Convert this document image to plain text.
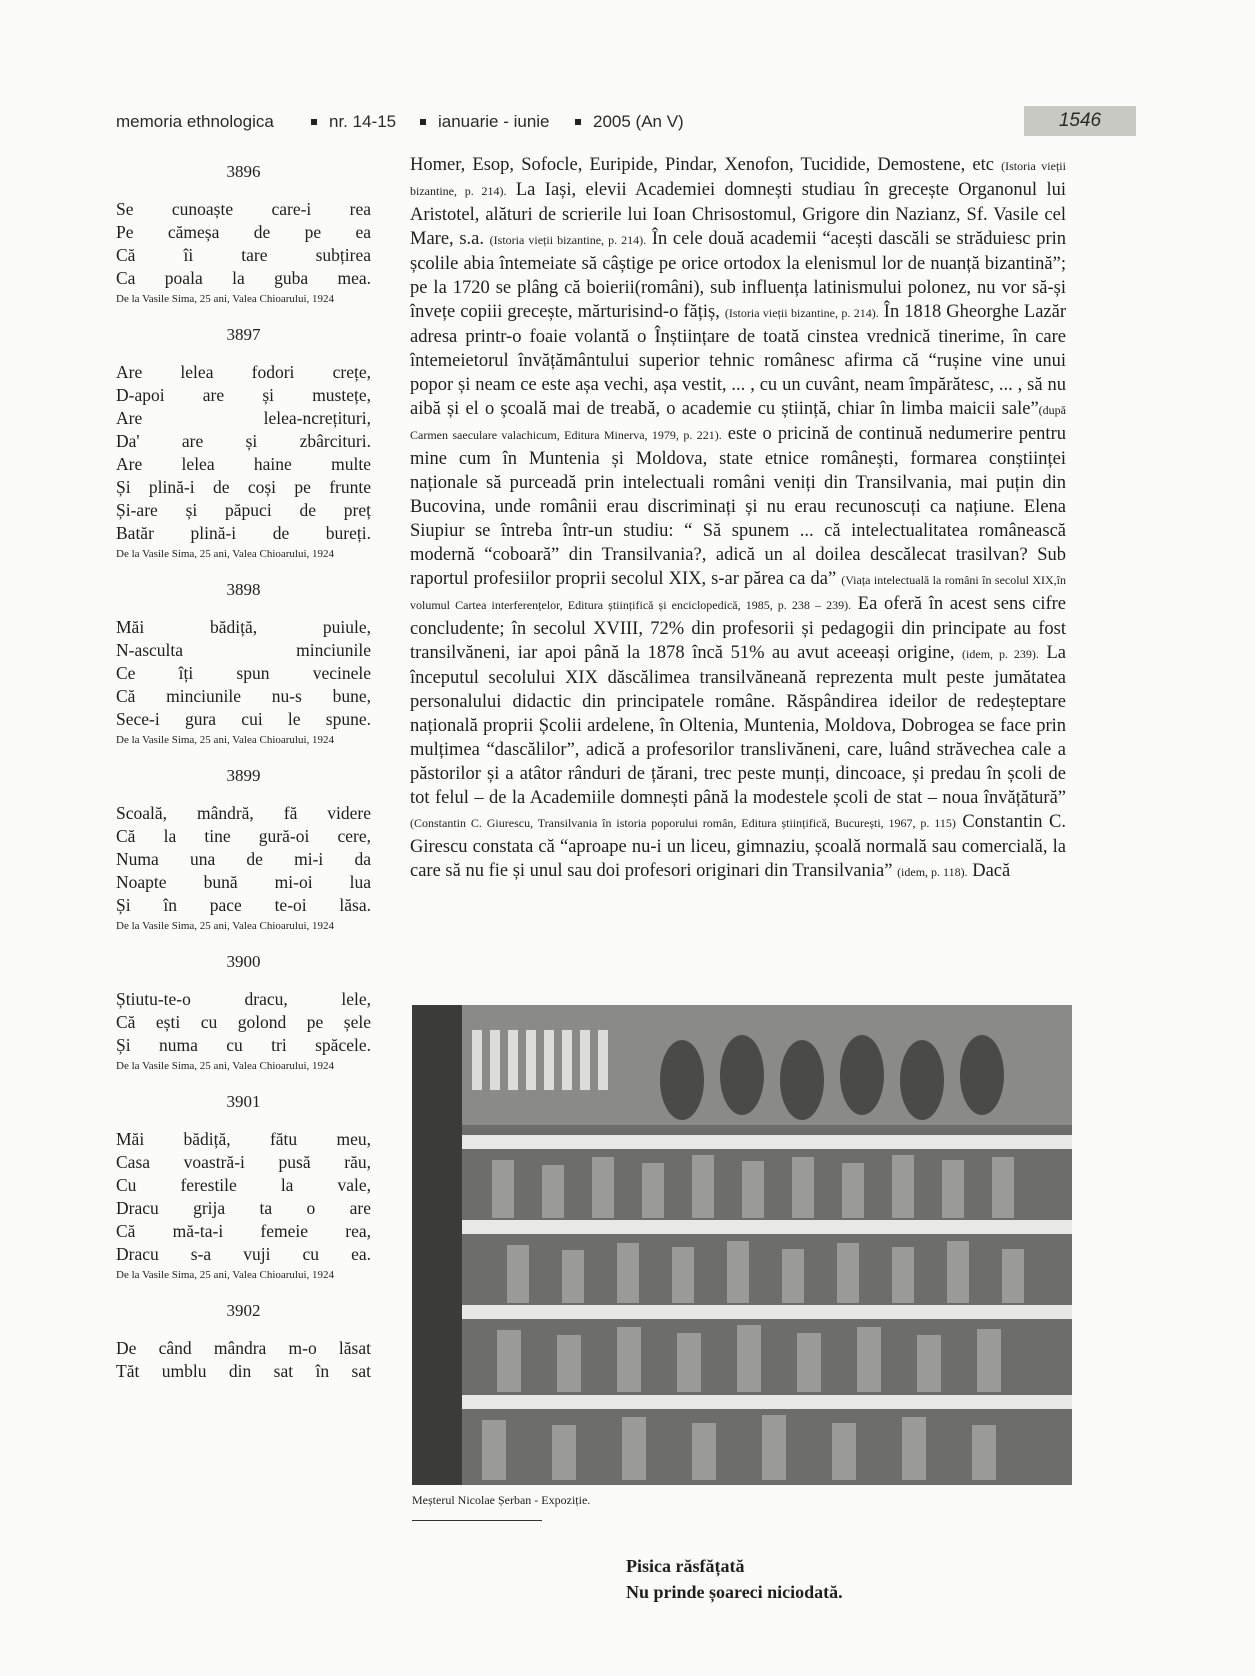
memoria ethnologica	nr. 14-15 ianuarie - iunie	2005 (An V)	1546
3896
Se cunoaște care-i rea
Pe cămeșa de pe ea
Că îi tare subțirea
Ca poala la guba mea.
De la Vasile Sima, 25 ani, Valea Chioarului, 1924
3897
Are lelea fodori crețe,
D-apoi are și mustețe,
Are lelea-ncrețituri,
Da' are și zbârcituri.
Are lelea haine multe
Și plină-i de coși pe frunte
Și-are și păpuci de preț
Batăr plină-i de bureți.
De la Vasile Sima, 25 ani, Valea Chioarului, 1924
3898
Măi bădiță, puiule,
N-asculta minciunile
Ce îți spun vecinele
Că minciunile nu-s bune,
Sece-i gura cui le spune.
De la Vasile Sima, 25 ani, Valea Chioarului, 1924
3899
Scoală, mândră, fă videre
Că la tine gură-oi cere,
Numa una de mi-i da
Noapte bună mi-oi lua
Și în pace te-oi lăsa.
De la Vasile Sima, 25 ani, Valea Chioarului, 1924
3900
Știutu-te-o dracu, lele,
Că ești cu golond pe șele
Și numa cu tri spăcele.
De la Vasile Sima, 25 ani, Valea Chioarului, 1924
3901
Măi bădiță, fătu meu,
Casa voastră-i pusă rău,
Cu ferestile la vale,
Dracu grija ta o are
Că mă-ta-i femeie rea,
Dracu s-a vuji cu ea.
De la Vasile Sima, 25 ani, Valea Chioarului, 1924
3902
De când mândra m-o lăsat
Tăt umblu din sat în sat

Homer, Esop, Sofocle, Euripide, Pindar, Xenofon, Tucidide, Demostene, etc (Istoria vieții bizantine, p. 214). La Iași, elevii Academiei domnești studiau în grecește Organonul lui Aristotel, alături de scrierile lui Ioan Chrisostomul, Grigore din Nazianz, Sf. Vasile cel Mare, s.a. (Istoria vieții bizantine, p. 214). În cele două academii “acești dascăli se străduiesc prin școlile abia întemeiate să câștige pe orice ortodox la elenismul lor de nuanță bizantină”; pe la 1720 se plâng că boierii(români), sub influența latinismului polonez, nu vor să-și învețe copiii grecește, mărturisind-o fățiș, (Istoria vieții bizantine, p. 214). În 1818 Gheorghe Lazăr adresa printr-o foaie volantă o Înștiințare de toată cinstea vrednică tinerime, în care întemeietorul învățământului superior tehnic românesc afirma că “rușine vine unui popor și neam ce este așa vechi, așa vestit, ... , cu un cuvânt, neam împărătesc, ... , să nu aibă și el o școală mai de treabă, o academie cu știință, chiar în limba maicii sale”(după Carmen saeculare valachicum, Editura Minerva, 1979, p. 221). este o pricină de continuă nedumerire pentru mine cum în Muntenia și Moldova, state etnice românești, formarea conștiinței naționale să purceadă prin intelectuali români veniți din Transilvania, mai puțin din Bucovina, unde românii erau discriminați și nu erau recunoscuți ca națiune. Elena Siupiur se întreba într-un studiu: “ Să spunem ... că intelectualitatea românească modernă “coboară” din Transilvania?, adică un al doilea descălecat trasilvan? Sub raportul profesiilor proprii secolul XIX, s-ar părea ca da” (Viața intelectuală la români în secolul XIX,în volumul Cartea interferențelor, Editura științifică și enciclopedică, 1985, p. 238 – 239). Ea oferă în acest sens cifre concludente; în secolul XVIII, 72% din profesorii și pedagogii din principate au fost transilvăneni, iar apoi până la 1878 încă 51% au avut aceeași origine, (idem, p. 239). La începutul secolului XIX dăscălimea transilvăneană reprezenta mult peste jumătatea personalului didactic din principatele române. Răspândirea ideilor de redeșteptare națională proprii Școlii ardelene, în Oltenia, Muntenia, Moldova, Dobrogea se face prin mulțimea “dascălilor”, adică a profesorilor translivăneni, care, luând străvechea cale a păstorilor și a atâtor rânduri de țărani, trec peste munți, dincoace, și predau în școli de tot felul – de la Academiile domnești până la modestele școli de stat – noua învățătură” (Constantin C. Giurescu, Transilvania în istoria poporului român, Editura științifică, București, 1967, p. 115) Constantin C. Girescu constata că “aproape nu-i un liceu, gimnaziu, școală normală sau comercială, la care să nu fie și unul sau doi profesori originari din Transilvania” (idem, p. 118). Dacă

Meșterul Nicolae Șerban - Expoziție.
Pisica răsfățată
Nu prinde șoareci niciodată.
